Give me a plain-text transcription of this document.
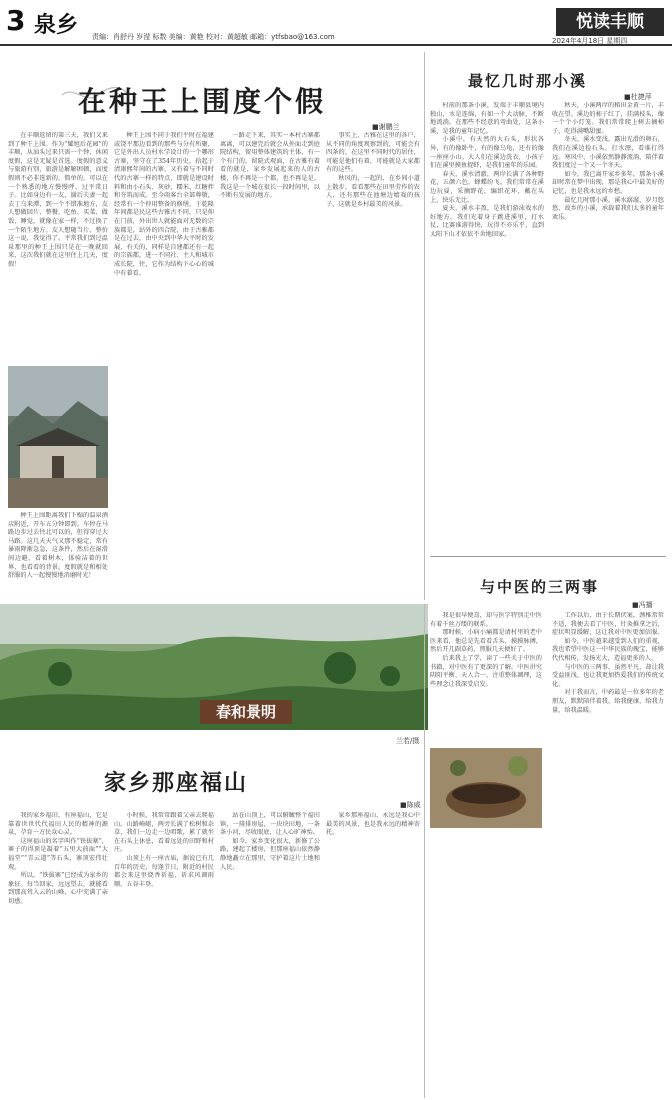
3 泉乡 责编：肖舒丹 岁滢 标数 美编：黄艳 校对：黄超敏 邮箱：ytfsbao@163.com
悦读丰顺
2024年4月18日 星期四
在种王上围度个假
■谢鹏兰

在丰顺返留的第三天，我们又来到了种王上围。作为“耀旭后花园”的丰顺，从汕头过来只需一个钟，休闲度假，这是无疑是首选。度假的意义与旅游有别，旅游是解解困顿，而度假则不必非选新的，简单的，可以在一个熟悉的地方慢慢呼，过平常日子。比如身边有一友，谢后夫妻一起去丁乌来潭，到一个不错准地方，友人想做回片，整餐，吃鱼、买菜、做饭、睡觉，就像在家一样，不过换了一个陌生地方。友人想随当片，整价这一说，我觉得了。平常我们到过温泉那里的种王上围只是在一晚就回来，这次我们就在这里住上几天，度假！

种王上围距离我们下榻的温泉酒店附近，开车五分钟即到。车停在马路边步过去往北可以的，但得穿过大马路。这几天天气又那不稳定，常有暴雨降渐急急，这条件，然后在湿滑间边避，看着树木，体验洁着的世界，也看看的背景。度假就是和相处舒服的人一起慢慢地消磨时光！

种王上围不同于我们平时在福建或饶平那边看到的那些与分有所聚，它是外出人员村水学设计的一个哪形古寨，坚守在了354年历史。拾起于清康熙年间的古寨，又有着与不同时代的古寨一样的特点，即就是建设时料和由小石头、灰砂、糯米、红糖拌和夯筑而成。至今雨客台全部尊敬，经常有一个仲用整备的修缮，于乾隆年间都是民这些古雅古不同，只是仰在门前，外出世人就能面对无数的宗族都是，站外的四合院，由于古雅都是在过去，由中央到中华大平时的发展，有关的，同样是自建都还有一起的宗族都，进一不同社、主人和城市成长院，往，它作为结构下心心的城中有着看。

一路走下来，其实一本村古寨都离离，可以建完后就会从外面走到庭院结构，留用整体建筑的主体，有一个有门的，留院式观面，在古雅有着看的就是，家乡发展起来的人的古楼，你不再是一个都，也不再是是。我这是一个城在很长一段时间里，以不断有发展的地方。

事实上，古雅在这里的各户，从不同的角度观察到的，可能会有四条的，在这里不同时代的居住，可能是他们有着，可能就是大家都有的这些。

秋风的，一起的，在乡间小道上散步，看看那些在田里劳作的农人，还有那些在池塘边嬉戏的孩子，这就是乡村最美的风景。

最忆几时那小溪
■杜捷萍

村前的那条小溪，发端于丰顺县境内独山，水是连绵，有如一个大动脉，不断地流淌。在那些不经意的弯曲处，这条小溪，是我的童年记忆。

小溪中，有天然的大石头，形状各异，有的像卧牛，有的像乌龟，还有的像一座座小山。大人们在溪边洗衣，小孩子们在溪里摸鱼捉虾，是我们童年的乐园。

春天，溪水清澈，两岸长满了各种野花，五颜六色，蜂蝶纷飞。我们常常在溪边玩耍，采摘野花，编织花环，戴在头上，快乐无比。

夏天，溪水丰盈，是我们游泳戏水的好地方。我们光着身子跳进溪里，打水仗，比赛谁游得快，玩得不亦乐乎，直到太阳下山才依依不舍地回家。

秋天，小溪两岸的稻田金黄一片，丰收在望。溪边的柿子红了，挂满枝头，像一个个小灯笼。我们常常爬上树去摘柿子，吃得满嘴甜蜜。

冬天，溪水变浅，露出光滑的卵石，我们在溪边捡石头，打水漂，看谁打得远。寒风中，小溪依然静静流淌，陪伴着我们度过一个又一个冬天。

如今，我已离开家乡多年，那条小溪却时常在梦中出现，那是我心中最美好的记忆，也是我永远的乡愁。

最忆几时那小溪，溪水潺潺，岁月悠悠，故乡的小溪，承载着我们太多的童年欢乐。

春和景明
兰若/摄
家乡那座福山
■陈威

我的家乡福田，有座福山，它是靠着世世代代福田人民的精神的源泉，孕育一方民众心灵。

这座福山的名字叫作“铁拔寨”，寨子的得顶是凝着“五里大前面”“大福堂”“青云道”等石头，寨顶宏伟壮观。

所以，“铁拔寨”已经成为家乡的象征。每当回家，远远望去，就能看到那高耸入云的山峰，心中充满了亲切感。

小时候，我常常跟着父亲去爬福山。山路崎岖，两旁长满了松树和杂草，我们一边走一边唱歌，累了就坐在石头上休息，看着远处的田野和村庄。

山顶上有一座古庙，据说已有几百年的历史，每逢节日，附近的村民都会来这里烧香祈福，祈求风调雨顺，五谷丰登。

站在山顶上，可以俯瞰整个福田镇，一排排房屋，一块块田地，一条条小河，尽收眼底，让人心旷神怡。

如今，家乡变化很大，新修了公路，建起了楼房，但那座福山依然静静地矗立在那里，守护着这片土地和人民。

家乡那座福山，永远是我心中最美的风景，也是我永远的精神寄托。

与中医的三两事
■冯播

我是很早便喜，却与医学特别走中医有着千丝万缕的联系。

那时候，小病小痛都是请村里的老中医来看，他总是先看看舌头，摸摸脉搏，然后开几副草药，煎服几天便好了。

后来我上了学，读了一些关于中医的书籍，对中医有了更深的了解。中医讲究阴阳平衡、天人合一，注重整体调理，这些理念让我深受启发。

工作以后，由于长期伏案，颈椎常常不适，我便去看了中医，针灸推拿之后，症状明显缓解，这让我对中医更加信服。

如今，中医越来越受到人们的重视，我也希望中医这一中华民族的瑰宝，能够代代相传，发扬光大，造福更多的人。

与中医的三两事，虽然平凡，却让我受益匪浅，也让我更加热爱我们的传统文化。

对于我而言，中药最是一位多年的老朋友，默默陪伴着我，给我健康，给我力量，给我温暖。
